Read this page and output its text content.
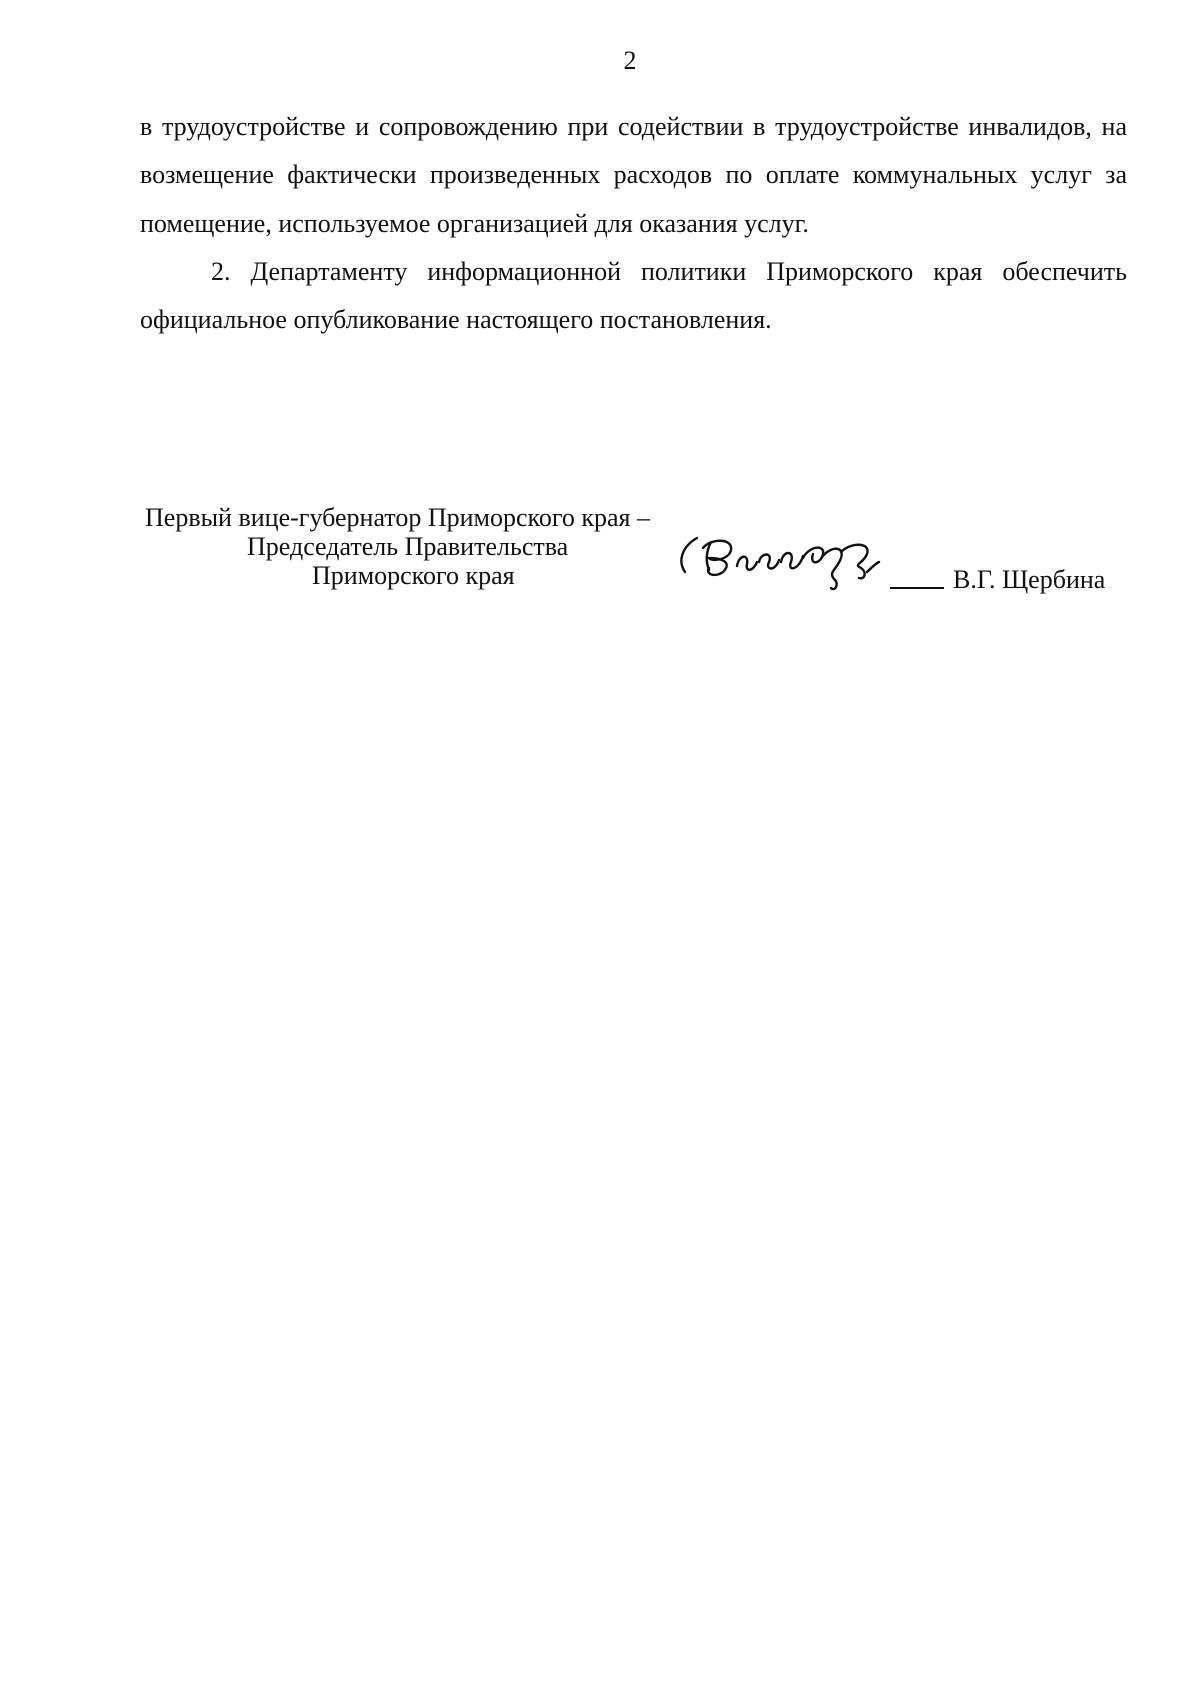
2

в трудоустройстве и сопровождению при содействии в трудоустройстве инвалидов, на возмещение фактически произведенных расходов по оплате коммунальных услуг за помещение, используемое организацией для оказания услуг.

2. Департаменту информационной политики Приморского края обеспечить официальное опубликование настоящего постановления.

Первый вице-губернатор Приморского края –
Председатель Правительства
Приморского края	В.Г. Щербина
